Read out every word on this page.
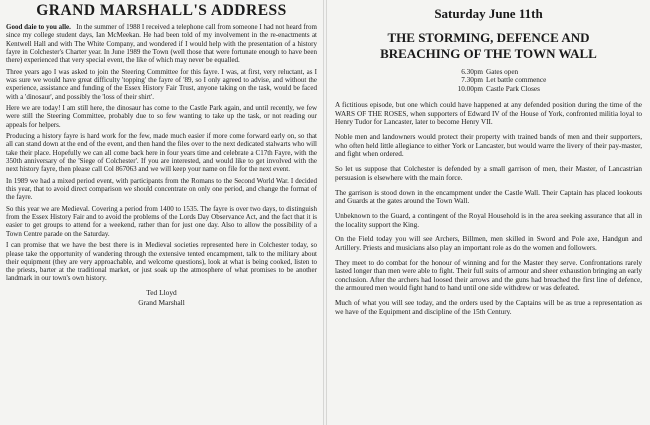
GRAND MARSHALL'S ADDRESS

Good daie to you alle. In the summer of 1988 I received a telephone call from someone I had not heard from since my college student days, Ian McMeekan. He had been told of my involvement in the re-enactments at Kentwell Hall and with The White Company, and wondered if I would help with the presentation of a history fayre in Colchester's Charter year. In June 1989 the Town (well those that were fortunate enough to have been there) experienced that very special event, the like of which may never be equalled.

Three years ago I was asked to join the Steering Committee for this fayre. I was, at first, very reluctant, as I was sure we would have great difficulty 'topping' the fayre of '89, so I only agreed to advise, and without the experience, assistance and funding of the Essex History Fair Trust, anyone taking on the task, would be faced with a 'dinosaur', and possibly the 'loss of their shirt'.

Here we are today! I am still here, the dinosaur has come to the Castle Park again, and until recently, we few were still the Steering Committee, probably due to so few wanting to take up the task, or not reading our appeals for helpers.

Producing a history fayre is hard work for the few, made much easier if more come forward early on, so that all can stand down at the end of the event, and then hand the files over to the next dedicated stalwarts who will take their place. Hopefully we can all come back here in four years time and celebrate a C17th Fayre, with the 350th anniversary of the 'Siege of Colchester'. If you are interested, and would like to get involved with the next history fayre, then please call Col 867063 and we will keep your name on file for the next event.

In 1989 we had a mixed period event, with participants from the Romans to the Second World War. I decided this year, that to avoid direct comparison we should concentrate on only one period, and change the format of the fayre.

So this year we are Medieval. Covering a period from 1400 to 1535. The fayre is over two days, to distinguish from the Essex History Fair and to avoid the problems of the Lords Day Observance Act, and the fact that it is easier to get groups to attend for a weekend, rather than for just one day. Also to allow the possibility of a Town Centre parade on the Saturday.

I can promise that we have the best there is in Medieval societies represented here in Colchester today, so please take the opportunity of wandering through the extensive tented encampment, talk to the military about their equipment (they are very approachable, and welcome questions), look at what is being cooked, listen to the priests, barter at the traditional market, or just soak up the atmosphere of what promises to be another landmark in our town's own history.

Ted Lloyd
Grand Marshall
Saturday June 11th
THE STORMING, DEFENCE AND
BREACHING OF THE TOWN WALL
6.30pm Gates open
7.30pm Let battle commence
10.00pm Castle Park Closes

A fictitious episode, but one which could have happened at any defended position during the time of the WARS OF THE ROSES, when supporters of Edward IV of the House of York, confronted militia loyal to Henry Tudor for Lancaster, later to become Henry VII.

Noble men and landowners would protect their property with trained bands of men and their supporters, who often held little allegiance to either York or Lancaster, but would warre the livery of their pay-master, and fight when ordered.

So let us suppose that Colchester is defended by a small garrison of men, their Master, of Lancastrian persuasion is elsewhere with the main force.

The garrison is stood down in the encampment under the Castle Wall. Their Captain has placed lookouts and Guards at the gates around the Town Wall.

Unbeknown to the Guard, a contingent of the Royal Household is in the area seeking assurance that all in the locality support the King.

On the Field today you will see Archers, Billmen, men skilled in Sword and Pole axe, Handgun and Artillery. Priests and musicians also play an important role as do the women and followers.

They meet to do combat for the honour of winning and for the Master they serve. Confrontations rarely lasted longer than men were able to fight. Their full suits of armour and sheer exhaustion bringing an early conclusion. After the archers had loosed their arrows and the guns had breached the first line of defence, the armoured men would fight hand to hand until one side withdrew or was defeated.

Much of what you will see today, and the orders used by the Captains will be as true a representation as we have of the Equipment and discipline of the 15th Century.
